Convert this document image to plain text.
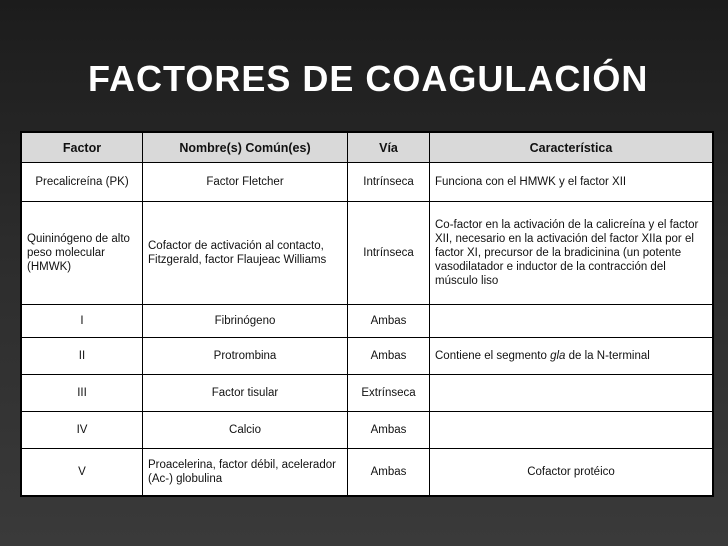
FACTORES DE COAGULACIÓN
Factor	Nombre(s) Común(es)	Vía	Característica
Precalicreína (PK)	Factor Fletcher	Intrínseca	Funciona con el HMWK y el factor XII
Quininógeno de alto peso molecular (HMWK)	Cofactor de activación al contacto, Fitzgerald, factor Flaujeac Williams	Intrínseca	Co-factor en la activación de la calicreína y el factor XII, necesario en la activación del factor XIIa por el factor XI, precursor de la bradicinina (un potente vasodilatador e inductor de la contracción del músculo liso
I	Fibrinógeno	Ambas	
II	Protrombina	Ambas	Contiene el segmento gla de la N-terminal
III	Factor tisular	Extrínseca	
IV	Calcio	Ambas	
V	Proacelerina, factor débil, acelerador (Ac-) globulina	Ambas	Cofactor protéico
